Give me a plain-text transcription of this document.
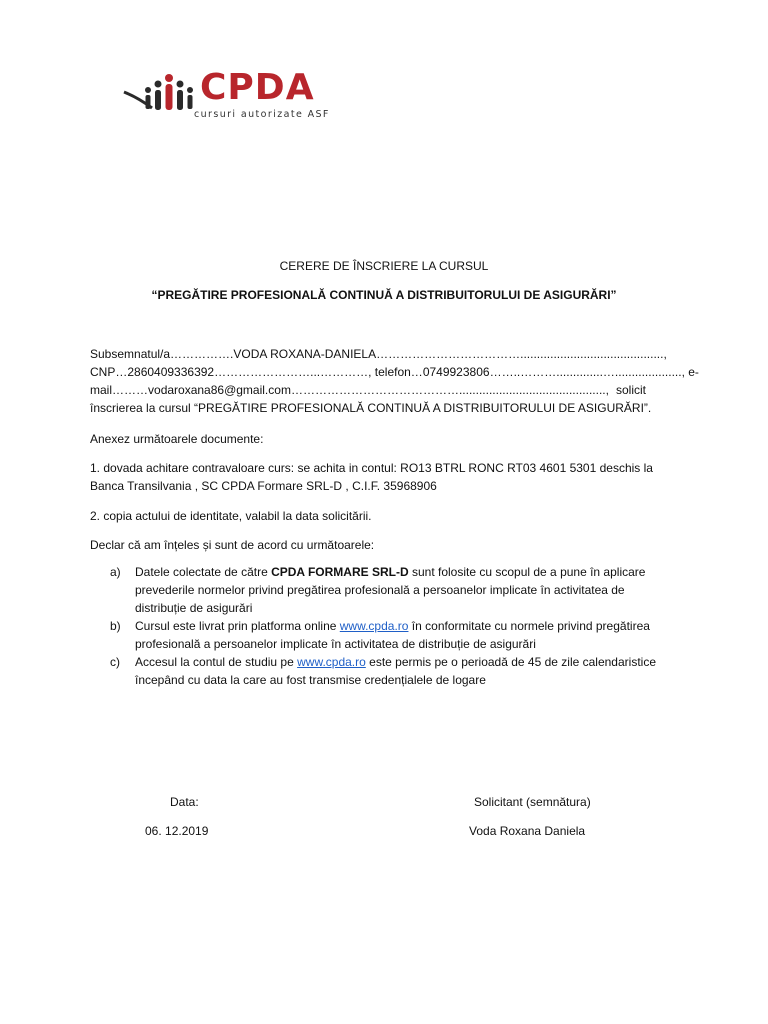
CPDA
cursuri autorizate ASF
CERERE DE ÎNSCRIERE LA CURSUL
“PREGĂTIRE PROFESIONALĂ CONTINUĂ A DISTRIBUITORULUI DE ASIGURĂRI”
Subsemnatul/a…………….VODA ROXANA-DANIELA………………………………...........................................,
CNP…2860409336392……………………...…………, telefon…0749923806……..………..............…...................., e-
mail………vodaroxana86@gmail.com……………………………………............................................, solicit
înscrierea la cursul “PREGĂTIRE PROFESIONALĂ CONTINUĂ A DISTRIBUITORULUI DE ASIGURĂRI”.
Anexez următoarele documente:
1. dovada achitare contravaloare curs: se achita in contul: RO13 BTRL RONC RT03 4601 5301 deschis la Banca Transilvania , SC CPDA Formare SRL-D , C.I.F. 35968906
2. copia actului de identitate, valabil la data solicitării.
Declar că am înțeles și sunt de acord cu următoarele:
a) Datele colectate de către CPDA FORMARE SRL-D sunt folosite cu scopul de a pune în aplicare prevederile normelor privind pregătirea profesională a persoanelor implicate în activitatea de distribuție de asigurări
b) Cursul este livrat prin platforma online www.cpda.ro în conformitate cu normele privind pregătirea profesională a persoanelor implicate în activitatea de distribuție de asigurări
c) Accesul la contul de studiu pe www.cpda.ro este permis pe o perioadă de 45 de zile calendaristice începând cu data la care au fost transmise credențialele de logare
Data:
06. 12.2019
Solicitant (semnătura)
Voda Roxana Daniela
